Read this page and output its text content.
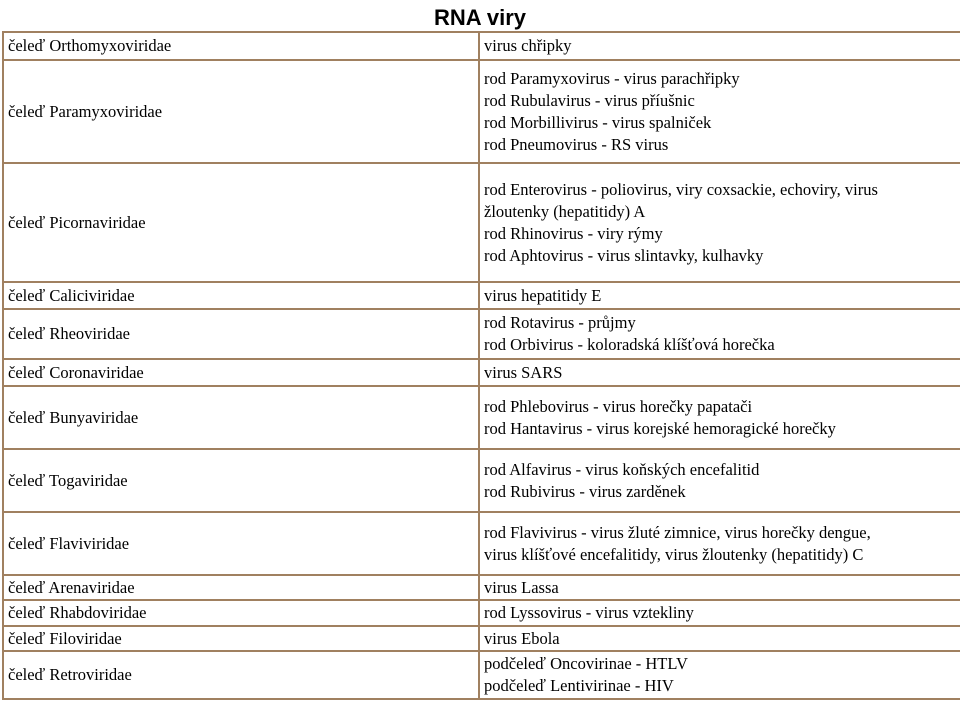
RNA viry
čeleď Orthomyxoviridae	virus chřipky

čeleď Paramyxoviridae	rod Paramyxovirus - virus parachřipky
rod Rubulavirus - virus příušnic
rod Morbillivirus - virus spalniček
rod Pneumovirus - RS virus

čeleď Picornaviridae	rod Enterovirus - poliovirus, viry coxsackie, echoviry, virus
žloutenky (hepatitidy) A
rod Rhinovirus - viry rýmy
rod Aphtovirus - virus slintavky, kulhavky

čeleď Caliciviridae	virus hepatitidy E

čeleď Rheoviridae	rod Rotavirus - průjmy
rod Orbivirus - koloradská klíšťová horečka

čeleď Coronaviridae	virus SARS

čeleď Bunyaviridae	rod Phlebovirus - virus horečky papatači
rod Hantavirus - virus korejské hemoragické horečky

čeleď Togaviridae	rod Alfavirus - virus koňských encefalitid
rod Rubivirus - virus zarděnek

čeleď Flaviviridae	rod Flavivirus - virus žluté zimnice, virus horečky dengue,
virus klíšťové encefalitidy, virus žloutenky (hepatitidy) C

čeleď Arenaviridae	virus Lassa

čeleď Rhabdoviridae	rod Lyssovirus - virus vztekliny

čeleď Filoviridae	virus Ebola

čeleď Retroviridae	podčeleď Oncovirinae - HTLV
podčeleď Lentivirinae - HIV
